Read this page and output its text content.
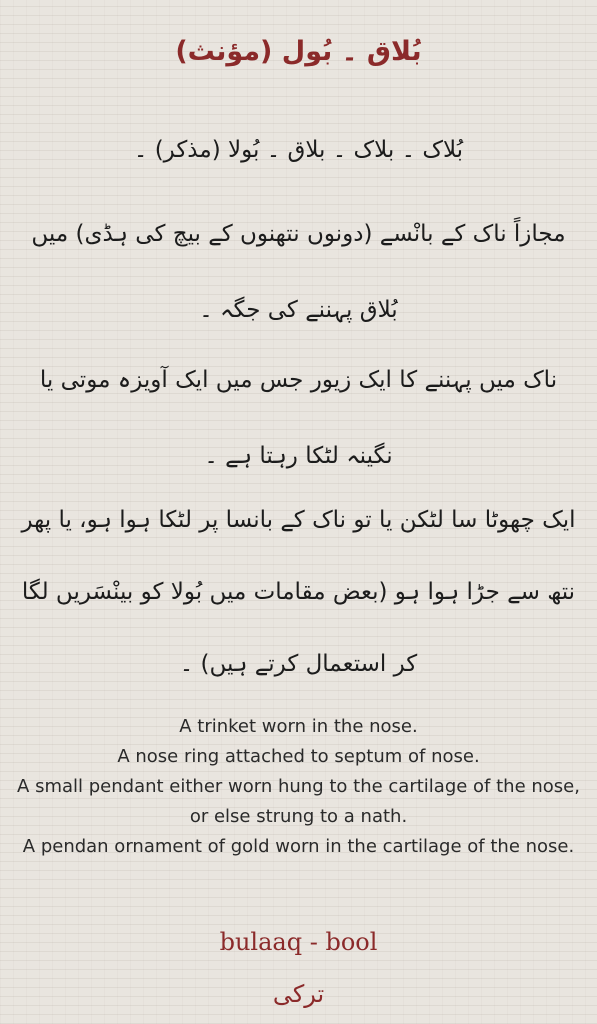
بُلاق ۔ بُول (مؤنث)

بُلاک ۔ بلاک ۔ بلاق ۔ بُولا (مذکر) ۔

مجازاً ناک کے بانْسے (دونوں نتھنوں کے بیچ کی ہڈی) میں بُلاق پہننے کی جگہ ۔

ناک میں پہننے کا ایک زیور جس میں ایک آویزہ موتی یا نگینہ لٹکا رہتا ہے ۔

ایک چھوٹا سا لٹکن یا تو ناک کے بانسا پر لٹکا ہوا ہو، یا پھر نتھ سے جڑا ہوا ہو (بعض مقامات میں بُولا کو بینْسَریں لگا کر استعمال کرتے ہیں) ۔

A trinket worn in the nose.

A nose ring attached to septum of nose.

A small pendant either worn hung to the cartilage of the nose, or else strung to a nath.

A pendan ornament of gold worn in the cartilage of the nose.

bulaaq - bool

ترکی
